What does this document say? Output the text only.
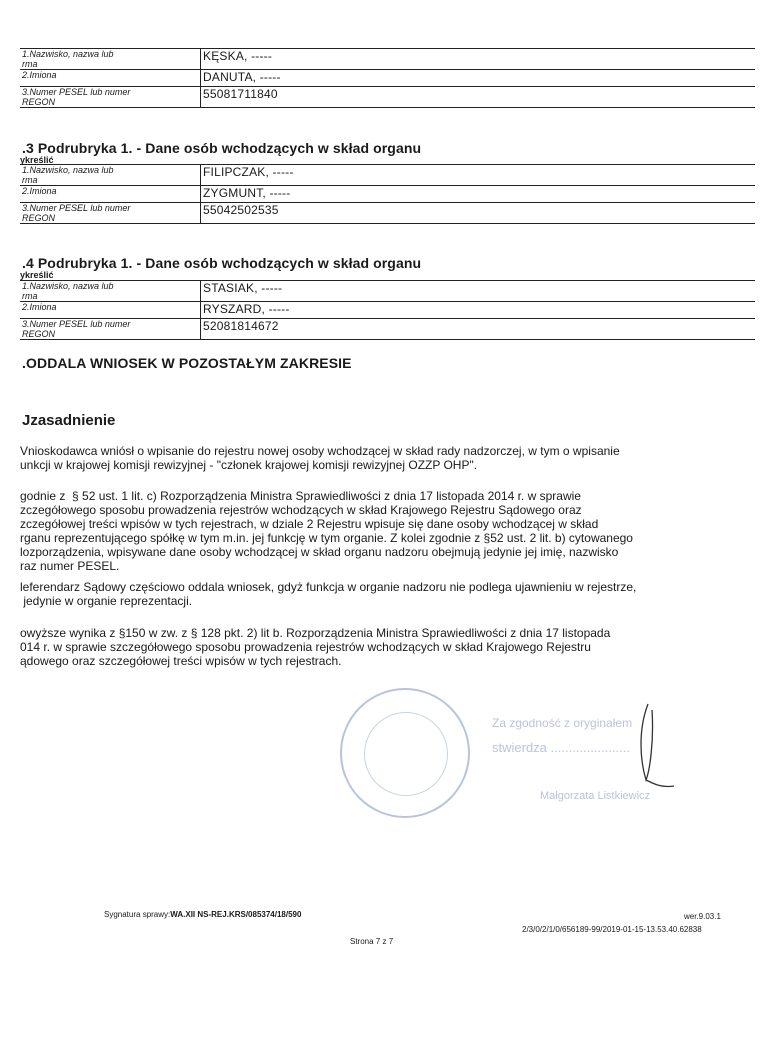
1.Nazwisko, nazwa lub
rma	KĘSKA, -----
2.Imiona	DANUTA, -----
3.Numer PESEL lub numer
REGON	55081711840
.3 Podrubryka 1. - Dane osób wchodzących w skład organu
ykreślić
1.Nazwisko, nazwa lub
rma	FILIPCZAK, -----
2.Imiona	ZYGMUNT, -----
3.Numer PESEL lub numer
REGON	55042502535
.4 Podrubryka 1. - Dane osób wchodzących w skład organu
ykreślić
1.Nazwisko, nazwa lub
rma	STASIAK, -----
2.Imiona	RYSZARD, -----
3.Numer PESEL lub numer
REGON	52081814672
.ODDALA WNIOSEK W POZOSTAŁYM ZAKRESIE
Jzasadnienie
Vnioskodawca wniósł o wpisanie do rejestru nowej osoby wchodzącej w skład rady nadzorczej, w tym o wpisanie
unkcji w krajowej komisji rewizyjnej - "członek krajowej komisji rewizyjnej OZZP OHP".
godnie z  § 52 ust. 1 lit. c) Rozporządzenia Ministra Sprawiedliwości z dnia 17 listopada 2014 r. w sprawie
zczegółowego sposobu prowadzenia rejestrów wchodzących w skład Krajowego Rejestru Sądowego oraz
zczegółowej treści wpisów w tych rejestrach, w dziale 2 Rejestru wpisuje się dane osoby wchodzącej w skład
rganu reprezentującego spółkę w tym m.in. jej funkcję w tym organie. Z kolei zgodnie z §52 ust. 2 lit. b) cytowanego
lozporządzenia, wpisywane dane osoby wchodzącej w skład organu nadzoru obejmują jedynie jej imię, nazwisko
raz numer PESEL.
leferendarz Sądowy częściowo oddala wniosek, gdyż funkcja w organie nadzoru nie podlega ujawnieniu w rejestrze,
jedynie w organie reprezentacji.
owyższe wynika z §150 w zw. z § 128 pkt. 2) lit b. Rozporządzenia Ministra Sprawiedliwości z dnia 17 listopada
014 r. w sprawie szczegółowego sposobu prowadzenia rejestrów wchodzących w skład Krajowego Rejestru
ądowego oraz szczegółowej treści wpisów w tych rejestrach.
Za zgodność z oryginałem
stwierdza ......................
Małgorzata Listkiewicz
Sygnatura sprawy:WA.XII NS-REJ.KRS/085374/18/590	wer.9.03.1
2/3/0/2/1/0/656189-99/2019-01-15-13.53.40.62838
Strona 7 z 7
